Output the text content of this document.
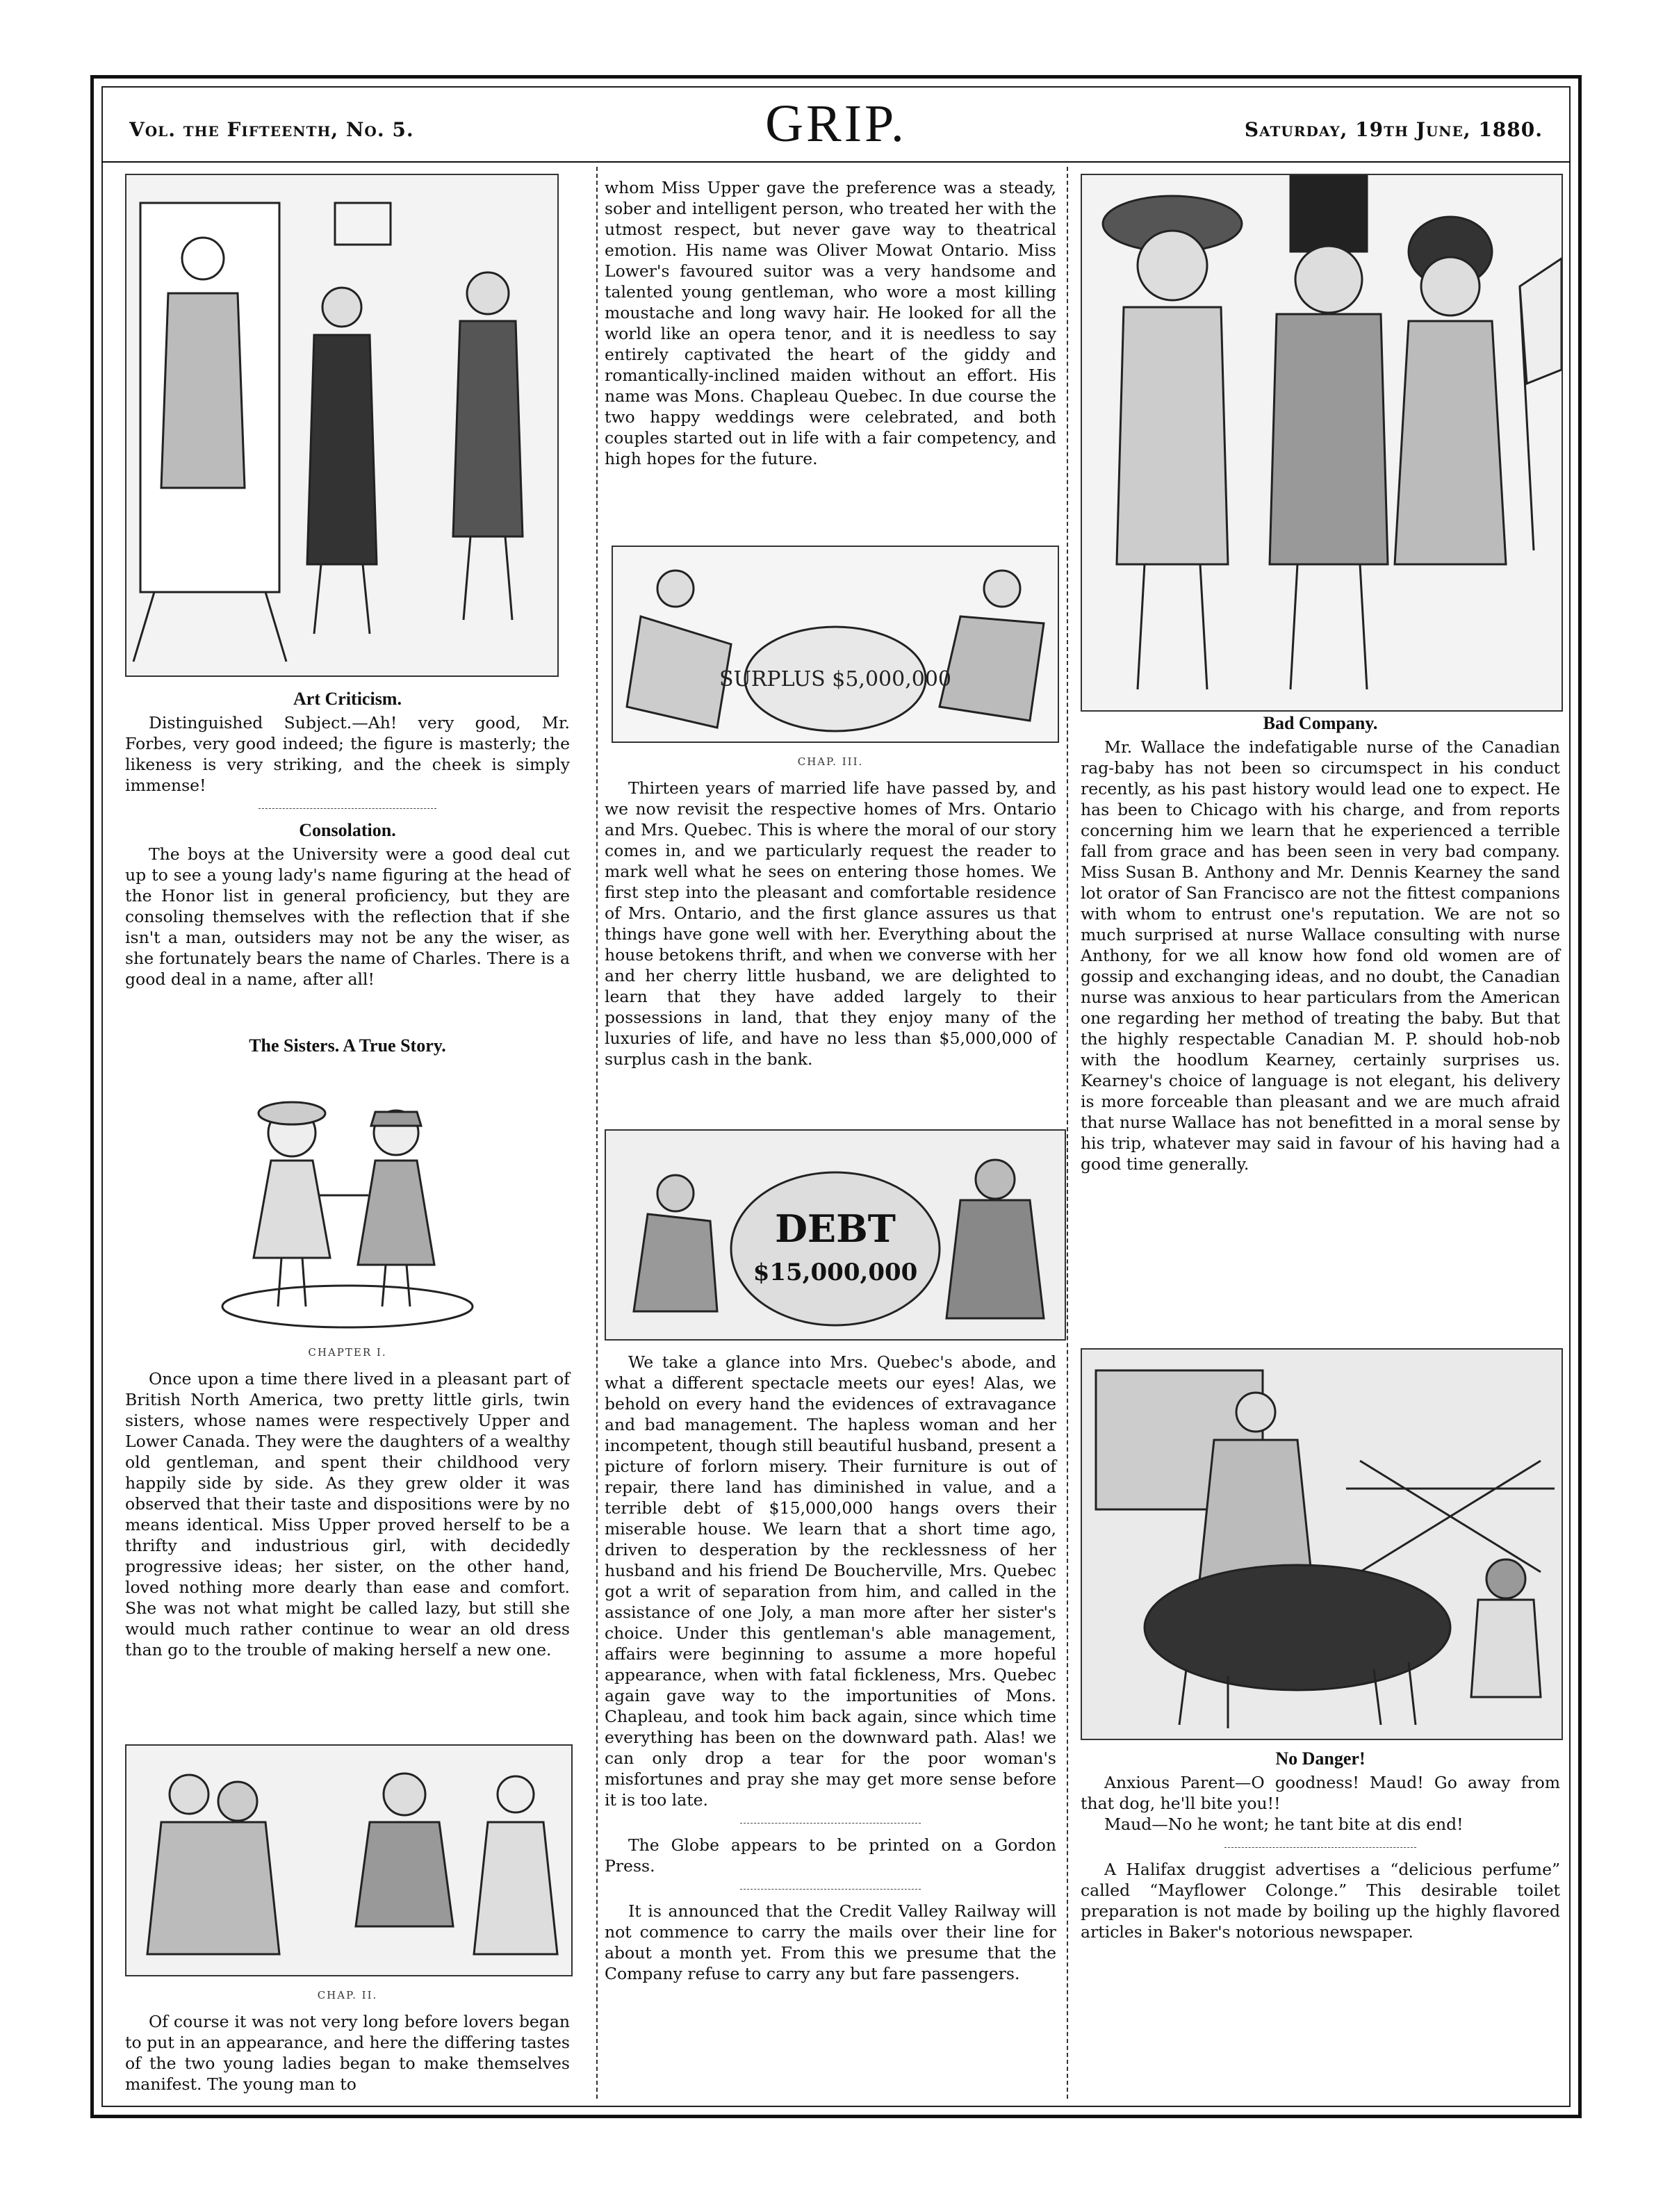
Vol. the Fifteenth, No. 5.	GRIP.	Saturday, 19th June, 1880.
Art Criticism.

Distinguished Subject.—Ah! very good, Mr. Forbes, very good indeed; the figure is masterly; the likeness is very striking, and the cheek is simply immense!

Consolation.

The boys at the University were a good deal cut up to see a young lady's name figuring at the head of the Honor list in general proficiency, but they are consoling themselves with the reflection that if she isn't a man, outsiders may not be any the wiser, as she fortunately bears the name of Charles. There is a good deal in a name, after all!

The Sisters. A True Story.
CHAPTER I.

Once upon a time there lived in a pleasant part of British North America, two pretty little girls, twin sisters, whose names were respectively Upper and Lower Canada. They were the daughters of a wealthy old gentleman, and spent their childhood very happily side by side. As they grew older it was observed that their taste and dispositions were by no means identical. Miss Upper proved herself to be a thrifty and industrious girl, with decidedly progressive ideas; her sister, on the other hand, loved nothing more dearly than ease and comfort. She was not what might be called lazy, but still she would much rather continue to wear an old dress than go to the trouble of making herself a new one.

CHAP. II.

Of course it was not very long before lovers began to put in an appearance, and here the differing tastes of the two young ladies began to make themselves manifest. The young man to

whom Miss Upper gave the preference was a steady, sober and intelligent person, who treated her with the utmost respect, but never gave way to theatrical emotion. His name was Oliver Mowat Ontario. Miss Lower's favoured suitor was a very handsome and talented young gentleman, who wore a most killing moustache and long wavy hair. He looked for all the world like an opera tenor, and it is needless to say entirely captivated the heart of the giddy and romantically-inclined maiden without an effort. His name was Mons. Chapleau Quebec. In due course the two happy weddings were celebrated, and both couples started out in life with a fair competency, and high hopes for the future.

SURPLUS $5,000,000
CHAP. III.

Thirteen years of married life have passed by, and we now revisit the respective homes of Mrs. Ontario and Mrs. Quebec. This is where the moral of our story comes in, and we particularly request the reader to mark well what he sees on entering those homes. We first step into the pleasant and comfortable residence of Mrs. Ontario, and the first glance assures us that things have gone well with her. Everything about the house betokens thrift, and when we converse with her and her cherry little husband, we are delighted to learn that they have added largely to their possessions in land, that they enjoy many of the luxuries of life, and have no less than $5,000,000 of surplus cash in the bank.

DEBT
$15,000,000

We take a glance into Mrs. Quebec's abode, and what a different spectacle meets our eyes! Alas, we behold on every hand the evidences of extravagance and bad management. The hapless woman and her incompetent, though still beautiful husband, present a picture of forlorn misery. Their furniture is out of repair, there land has diminished in value, and a terrible debt of $15,000,000 hangs overs their miserable house. We learn that a short time ago, driven to desperation by the recklessness of her husband and his friend De Boucherville, Mrs. Quebec got a writ of separation from him, and called in the assistance of one Joly, a man more after her sister's choice. Under this gentleman's able management, affairs were beginning to assume a more hopeful appearance, when with fatal fickleness, Mrs. Quebec again gave way to the importunities of Mons. Chapleau, and took him back again, since which time everything has been on the downward path. Alas! we can only drop a tear for the poor woman's misfortunes and pray she may get more sense before it is too late.

The Globe appears to be printed on a Gordon Press.

It is announced that the Credit Valley Railway will not commence to carry the mails over their line for about a month yet. From this we presume that the Company refuse to carry any but fare passengers.

Bad Company.

Mr. Wallace the indefatigable nurse of the Canadian rag-baby has not been so circumspect in his conduct recently, as his past history would lead one to expect. He has been to Chicago with his charge, and from reports concerning him we learn that he experienced a terrible fall from grace and has been seen in very bad company. Miss Susan B. Anthony and Mr. Dennis Kearney the sand lot orator of San Francisco are not the fittest companions with whom to entrust one's reputation. We are not so much surprised at nurse Wallace consulting with nurse Anthony, for we all know how fond old women are of gossip and exchanging ideas, and no doubt, the Canadian nurse was anxious to hear particulars from the American one regarding her method of treating the baby. But that the highly respectable Canadian M. P. should hob-nob with the hoodlum Kearney, certainly surprises us. Kearney's choice of language is not elegant, his delivery is more forceable than pleasant and we are much afraid that nurse Wallace has not benefitted in a moral sense by his trip, whatever may said in favour of his having had a good time generally.

No Danger!

Anxious Parent—O goodness! Maud! Go away from that dog, he'll bite you!!

Maud—No he wont; he tant bite at dis end!

A Halifax druggist advertises a “delicious perfume” called “Mayflower Colonge.” This desirable toilet preparation is not made by boiling up the highly flavored articles in Baker's notorious newspaper.
